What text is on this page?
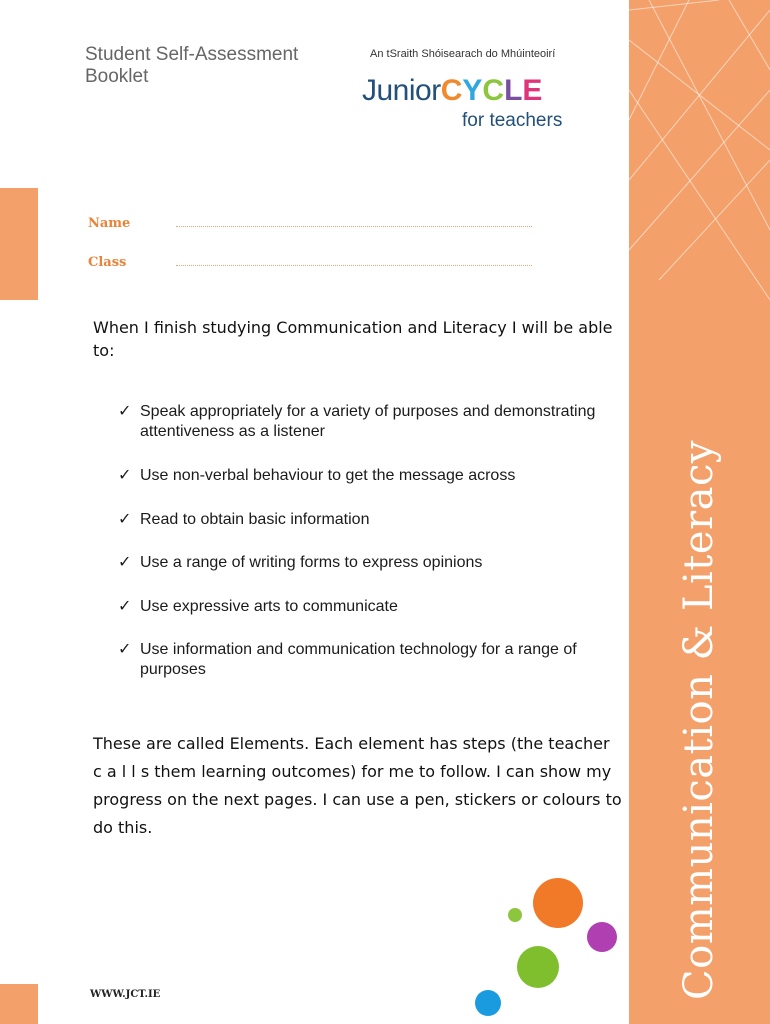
Student Self-Assessment
Booklet
An tSraith Shóisearach do Mhúinteoirí
JuniorCYCLE
for teachers
Name
Class
When I finish studying Communication and Literacy I will be able to:
✓ Speak appropriately for a variety of purposes and demonstrating attentiveness as a listener
✓ Use non-verbal behaviour to get the message across
✓ Read to obtain basic information
✓ Use a range of writing forms to express opinions
✓ Use expressive arts to communicate
✓ Use information and communication technology for a range of purposes
These are called Elements. Each element has steps (the teacher c a l l s them learning outcomes) for me to follow. I can show my progress on the next pages. I can use a pen, stickers or colours to do this.
WWW.JCT.IE	Communication & Literacy
